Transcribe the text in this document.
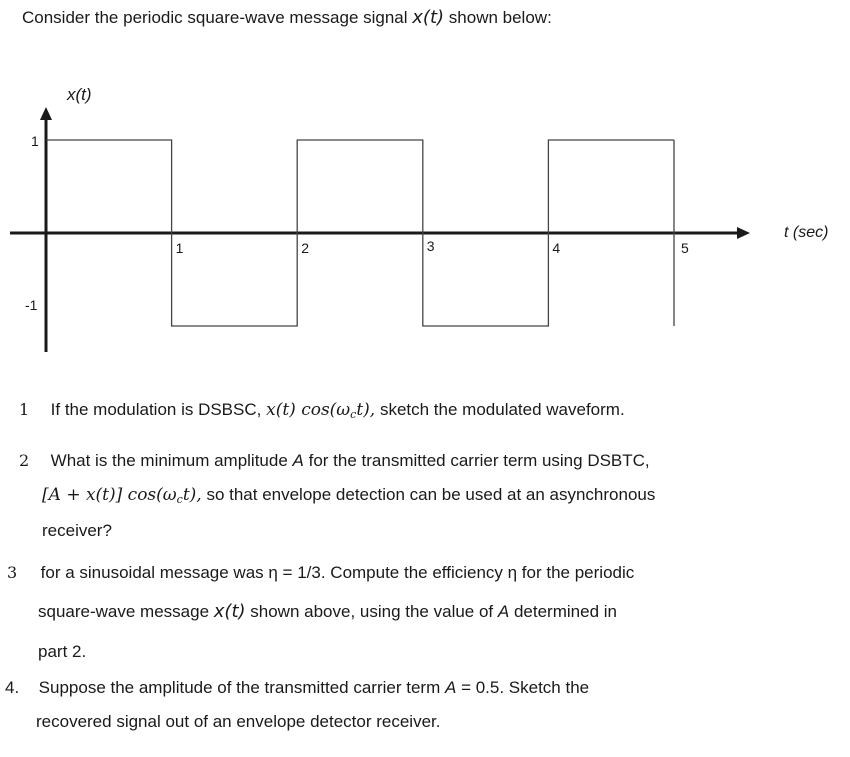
Consider the periodic square-wave message signal x(t) shown below:
x(t)
t (sec)
1	2	3	4	5
1
-1
1 If the modulation is DSBSC, x(t) $\cos(\omega_ct)$, sketch the modulated waveform.
2 What is the minimum amplitude A for the transmitted carrier term using DSBTC,
[A + x(t)] $\cos(\omega_ct)$, so that envelope detection can be used at an asynchronous
receiver?
3 for a sinusoidal message was η = 1/3. Compute the efficiency η for the periodic
square-wave message x(t) shown above, using the value of A determined in
part 2.
4. Suppose the amplitude of the transmitted carrier term A = 0.5. Sketch the
recovered signal out of an envelope detector receiver.
